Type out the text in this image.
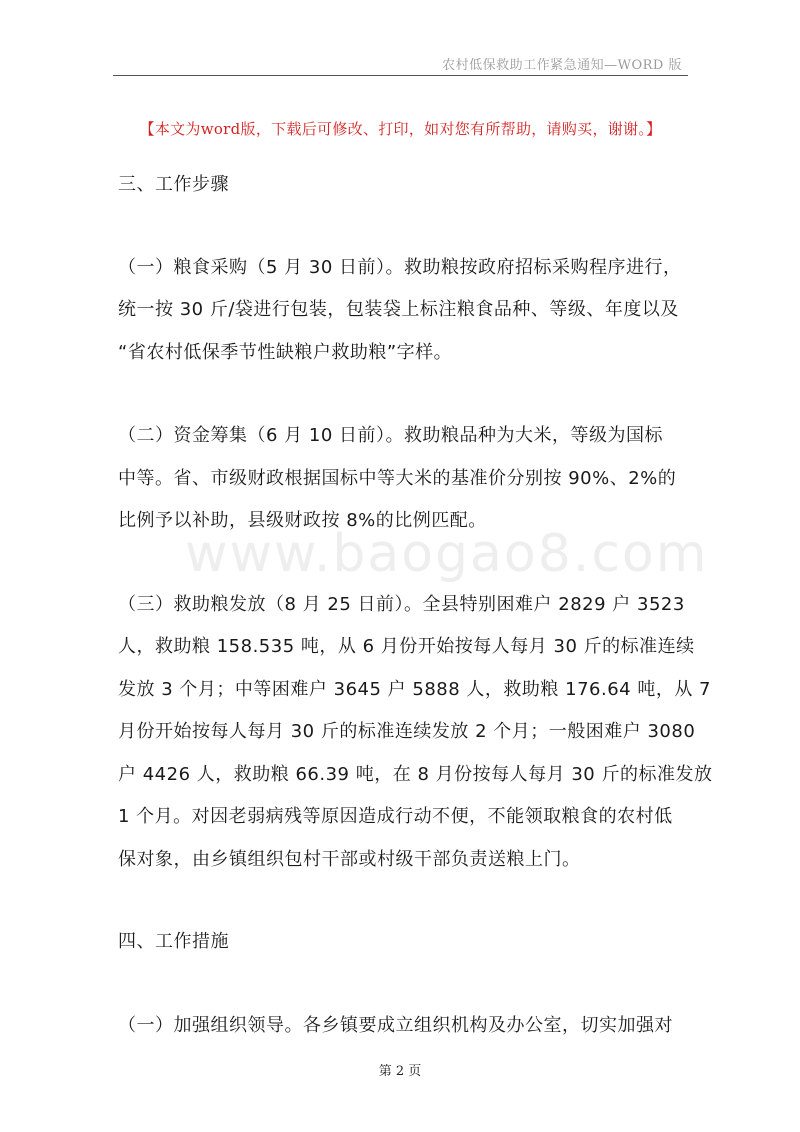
农村低保救助工作紧急通知—WORD 版
【本文为word版，下载后可修改、打印，如对您有所帮助，请购买，谢谢。】
www.baogao8.com
三、工作步骤
（一）粮食采购（5 月 30 日前）。救助粮按政府招标采购程序进行，
统一按 30 斤/袋进行包装，包装袋上标注粮食品种、等级、年度以及
“省农村低保季节性缺粮户救助粮”字样。
（二）资金筹集（6 月 10 日前）。救助粮品种为大米，等级为国标
中等。省、市级财政根据国标中等大米的基准价分别按 90%、2%的
比例予以补助，县级财政按 8%的比例匹配。
（三）救助粮发放（8 月 25 日前）。全县特别困难户 2829 户 3523
人，救助粮 158.535 吨，从 6 月份开始按每人每月 30 斤的标准连续
发放 3 个月；中等困难户 3645 户 5888 人，救助粮 176.64 吨，从 7
月份开始按每人每月 30 斤的标准连续发放 2 个月；一般困难户 3080
户 4426 人，救助粮 66.39 吨，在 8 月份按每人每月 30 斤的标准发放
1 个月。对因老弱病残等原因造成行动不便，不能领取粮食的农村低
保对象，由乡镇组织包村干部或村级干部负责送粮上门。
四、工作措施
（一）加强组织领导。各乡镇要成立组织机构及办公室，切实加强对
第 2 页
